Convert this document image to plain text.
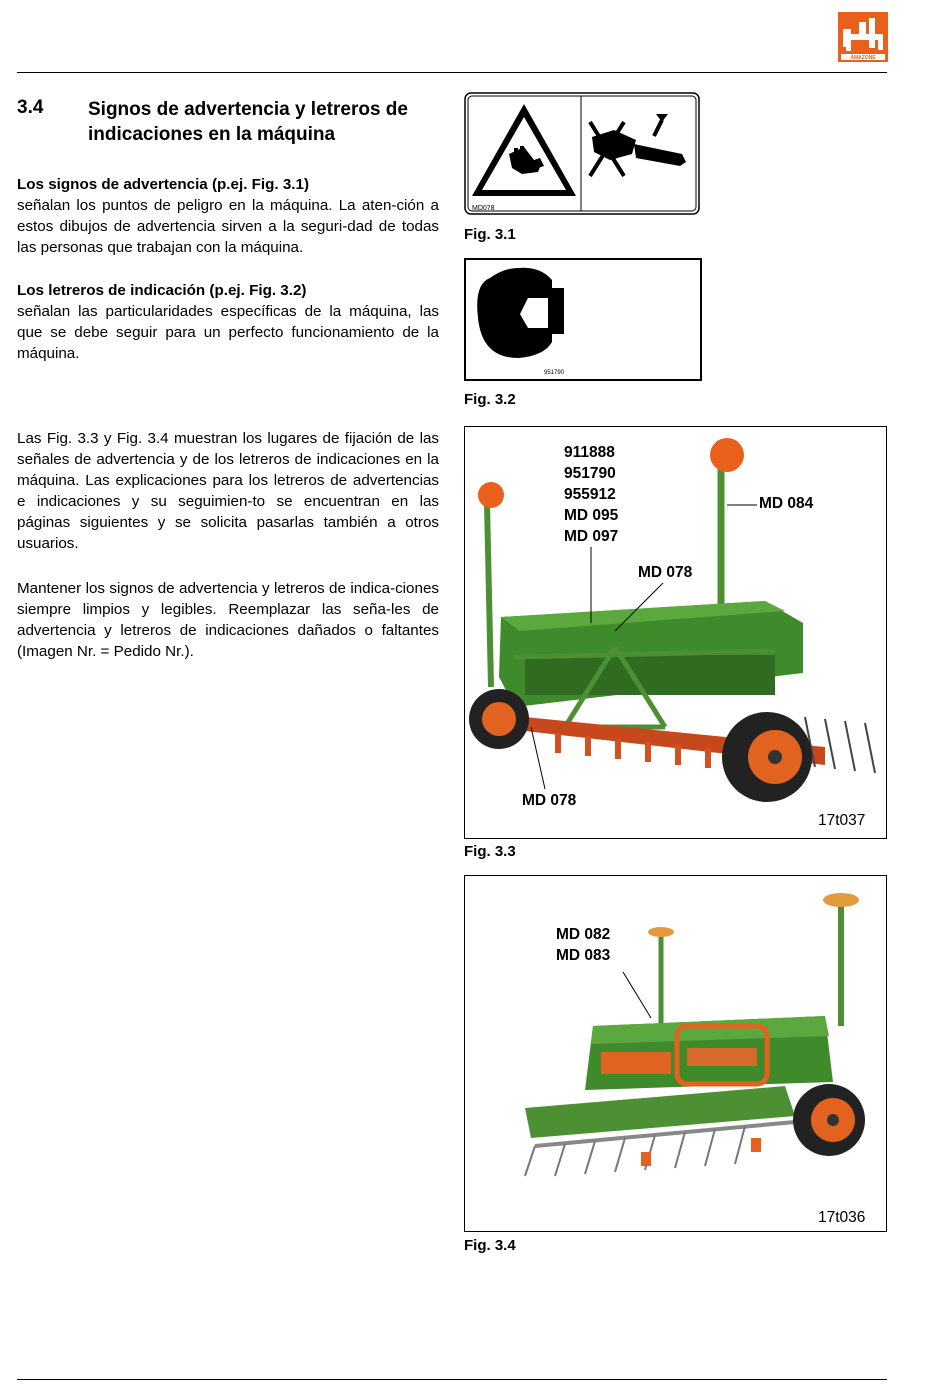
AMAZONE
3.4 Signos de advertencia y letreros de indicaciones en la máquina
Los signos de advertencia (p.ej. Fig. 3.1)
señalan los puntos de peligro en la máquina. La aten-ción a estos dibujos de advertencia sirven a la seguri-dad de todas las personas que trabajan con la máquina.
Los letreros de indicación (p.ej. Fig. 3.2)
señalan las particularidades específicas de la máquina, las que se debe seguir para un perfecto funcionamiento de la máquina.
Las Fig. 3.3 y Fig. 3.4 muestran los lugares de fijación de las señales de advertencia y de los letreros de indicaciones en la máquina. Las explicaciones para los letreros de advertencias e indicaciones y su seguimien-to se encuentran en las páginas siguientes y se solicita pasarlas también a otros usuarios.
Mantener los signos de advertencia y letreros de indica-ciones siempre limpios y legibles. Reemplazar las seña-les de advertencia y letreros de indicaciones dañados o faltantes (Imagen Nr. = Pedido Nr.).
MD078
Fig. 3.1
951790
Fig. 3.2
911888
951790
955912
MD 095
MD 097
MD 084
MD 078
MD 078
17t037
Fig. 3.3
MD 082
MD 083
17t036
Fig. 3.4
